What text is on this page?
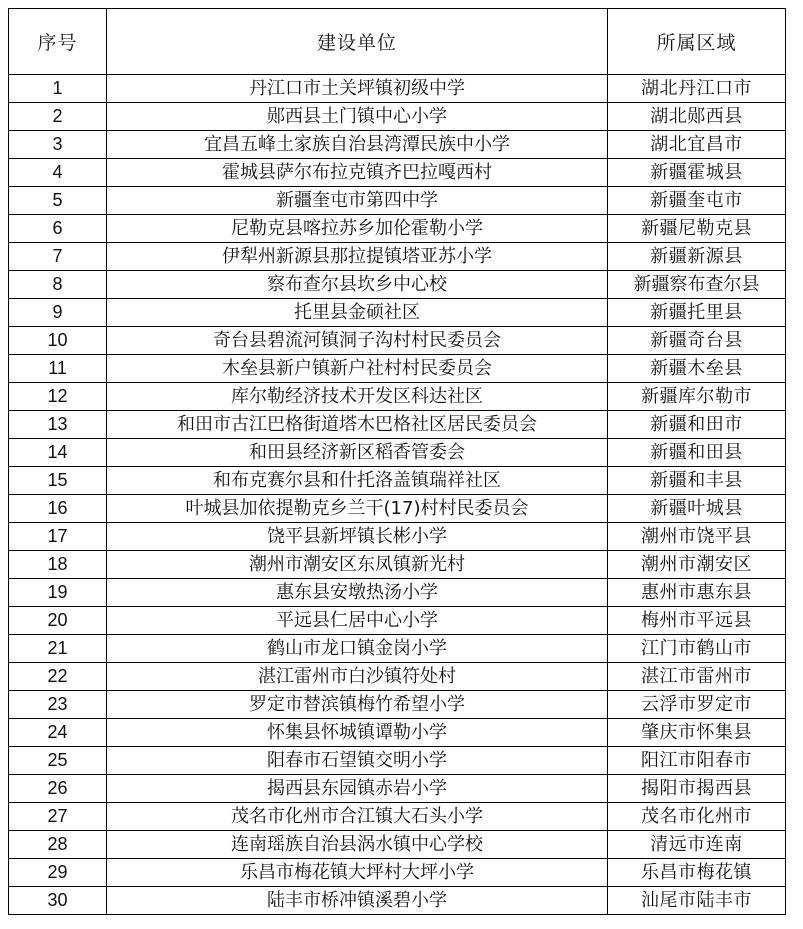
序号	建设单位	所属区域
1	丹江口市土关坪镇初级中学	湖北丹江口市
2	郧西县土门镇中心小学	湖北郧西县
3	宜昌五峰土家族自治县湾潭民族中小学	湖北宜昌市
4	霍城县萨尔布拉克镇齐巴拉嘎西村	新疆霍城县
5	新疆奎屯市第四中学	新疆奎屯市
6	尼勒克县喀拉苏乡加伦霍勒小学	新疆尼勒克县
7	伊犁州新源县那拉提镇塔亚苏小学	新疆新源县
8	察布查尔县坎乡中心校	新疆察布查尔县
9	托里县金硕社区	新疆托里县
10	奇台县碧流河镇洞子沟村村民委员会	新疆奇台县
11	木垒县新户镇新户社村村民委员会	新疆木垒县
12	库尔勒经济技术开发区科达社区	新疆库尔勒市
13	和田市古江巴格街道塔木巴格社区居民委员会	新疆和田市
14	和田县经济新区稻香管委会	新疆和田县
15	和布克赛尔县和什托洛盖镇瑞祥社区	新疆和丰县
16	叶城县加依提勒克乡兰干(17)村村民委员会	新疆叶城县
17	饶平县新坪镇长彬小学	潮州市饶平县
18	潮州市潮安区东凤镇新光村	潮州市潮安区
19	惠东县安墩热汤小学	惠州市惠东县
20	平远县仁居中心小学	梅州市平远县
21	鹤山市龙口镇金岗小学	江门市鹤山市
22	湛江雷州市白沙镇符处村	湛江市雷州市
23	罗定市替滨镇梅竹希望小学	云浮市罗定市
24	怀集县怀城镇谭勒小学	肇庆市怀集县
25	阳春市石望镇交明小学	阳江市阳春市
26	揭西县东园镇赤岩小学	揭阳市揭西县
27	茂名市化州市合江镇大石头小学	茂名市化州市
28	连南瑶族自治县涡水镇中心学校	清远市连南
29	乐昌市梅花镇大坪村大坪小学	乐昌市梅花镇
30	陆丰市桥冲镇溪碧小学	汕尾市陆丰市
